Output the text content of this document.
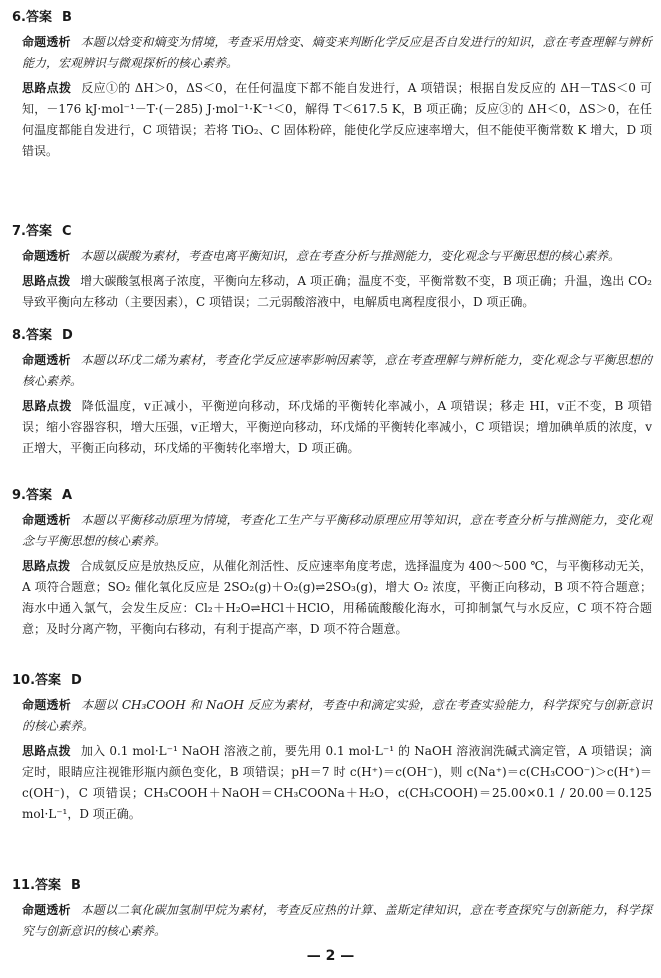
6.答案 B
命题透析 本题以焓变和熵变为情境，考查采用焓变、熵变来判断化学反应是否自发进行的知识，意在考查理解与辨析能力，宏观辨识与微观探析的核心素养。
思路点拨 反应①的 ΔH＞0，ΔS＜0，在任何温度下都不能自发进行，A 项错误；根据自发反应的 ΔH－TΔS＜0 可知，－176 kJ·mol⁻¹－T·(－285) J·mol⁻¹·K⁻¹＜0，解得 T＜617.5 K，B 项正确；反应③的 ΔH＜0，ΔS＞0，在任何温度都能自发进行，C 项错误；若将 TiO₂、C 固体粉碎，能使化学反应速率增大，但不能使平衡常数 K 增大，D 项错误。
7.答案 C
命题透析 本题以碳酸为素材，考查电离平衡知识，意在考查分析与推测能力，变化观念与平衡思想的核心素养。
思路点拨 增大碳酸氢根离子浓度，平衡向左移动，A 项正确；温度不变，平衡常数不变，B 项正确；升温，逸出 CO₂ 导致平衡向左移动（主要因素），C 项错误；二元弱酸溶液中，电解质电离程度很小，D 项正确。
8.答案 D
命题透析 本题以环戊二烯为素材，考查化学反应速率影响因素等，意在考查理解与辨析能力，变化观念与平衡思想的核心素养。
思路点拨 降低温度，v正减小，平衡逆向移动，环戊烯的平衡转化率减小，A 项错误；移走 HI，v正不变，B 项错误；缩小容器容积，增大压强，v正增大，平衡逆向移动，环戊烯的平衡转化率减小，C 项错误；增加碘单质的浓度，v正增大，平衡正向移动，环戊烯的平衡转化率增大，D 项正确。
9.答案 A
命题透析 本题以平衡移动原理为情境，考查化工生产与平衡移动原理应用等知识，意在考查分析与推测能力，变化观念与平衡思想的核心素养。
思路点拨 合成氨反应是放热反应，从催化剂活性、反应速率角度考虑，选择温度为 400～500 ℃，与平衡移动无关，A 项符合题意；SO₂ 催化氧化反应是 2SO₂(g)＋O₂(g)⇌2SO₃(g)，增大 O₂ 浓度，平衡正向移动，B 项不符合题意；海水中通入氯气，会发生反应：Cl₂＋H₂O⇌HCl＋HClO，用稀硫酸酸化海水，可抑制氯气与水反应，C 项不符合题意；及时分离产物，平衡向右移动，有利于提高产率，D 项不符合题意。
10.答案 D
命题透析 本题以 CH₃COOH 和 NaOH 反应为素材，考查中和滴定实验，意在考查实验能力，科学探究与创新意识的核心素养。
思路点拨 加入 0.1 mol·L⁻¹ NaOH 溶液之前，要先用 0.1 mol·L⁻¹ 的 NaOH 溶液润洗碱式滴定管，A 项错误；滴定时，眼睛应注视锥形瓶内颜色变化，B 项错误；pH＝7 时 c(H⁺)＝c(OH⁻)，则 c(Na⁺)＝c(CH₃COO⁻)＞c(H⁺)＝c(OH⁻)，C 项错误；CH₃COOH＋NaOH＝CH₃COONa＋H₂O，c(CH₃COOH)＝25.00×0.1 / 20.00＝0.125 mol·L⁻¹，D 项正确。
11.答案 B
命题透析 本题以二氧化碳加氢制甲烷为素材，考查反应热的计算、盖斯定律知识，意在考查探究与创新能力，科学探究与创新意识的核心素养。
— 2 —
